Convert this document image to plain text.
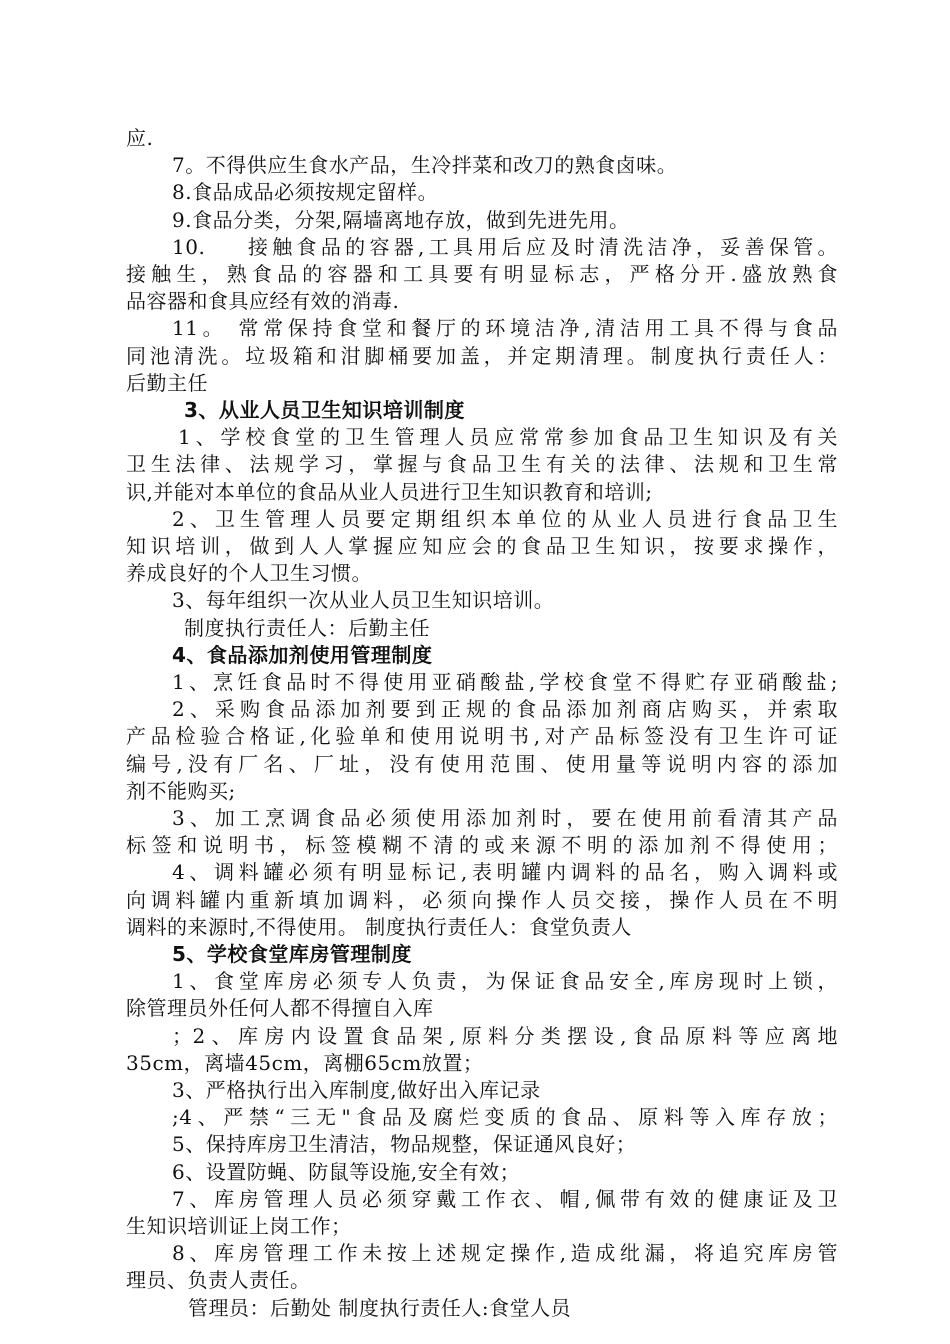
应.
7。不得供应生食水产品，生冷拌菜和改刀的熟食卤味。
8.食品成品必须按规定留样。
9.食品分类，分架,隔墙离地存放，做到先进先用。
10.    接触食品的容器,工具用后应及时清洗洁净，妥善保管。
接触生，熟食品的容器和工具要有明显标志，严格分开.盛放熟食
品容器和食具应经有效的消毒.
11。 常常保持食堂和餐厅的环境洁净,清洁用工具不得与食品
同池清洗。垃圾箱和泔脚桶要加盖，并定期清理。制度执行责任人：
后勤主任
3、从业人员卫生知识培训制度
1、学校食堂的卫生管理人员应常常参加食品卫生知识及有关
卫生法律、法规学习，掌握与食品卫生有关的法律、法规和卫生常
识,并能对本单位的食品从业人员进行卫生知识教育和培训;
2、卫生管理人员要定期组织本单位的从业人员进行食品卫生
知识培训，做到人人掌握应知应会的食品卫生知识，按要求操作，
养成良好的个人卫生习惯。
3、每年组织一次从业人员卫生知识培训。
制度执行责任人：后勤主任
4、食品添加剂使用管理制度
1、烹饪食品时不得使用亚硝酸盐,学校食堂不得贮存亚硝酸盐;
2、采购食品添加剂要到正规的食品添加剂商店购买，并索取
产品检验合格证,化验单和使用说明书,对产品标签没有卫生许可证
编号,没有厂名、厂址，没有使用范围、使用量等说明内容的添加
剂不能购买;
3、加工烹调食品必须使用添加剂时，要在使用前看清其产品
标签和说明书，标签模糊不清的或来源不明的添加剂不得使用；
4、调料罐必须有明显标记,表明罐内调料的品名，购入调料或
向调料罐内重新填加调料，必须向操作人员交接，操作人员在不明
调料的来源时,不得使用。 制度执行责任人：食堂负责人
5、学校食堂库房管理制度
1、食堂库房必须专人负责，为保证食品安全,库房现时上锁，
除管理员外任何人都不得擅自入库
；2、库房内设置食品架,原料分类摆设,食品原料等应离地
35cm，离墙45cm，离棚65cm放置；
3、严格执行出入库制度,做好出入库记录
;4、严禁“三无"食品及腐烂变质的食品、原料等入库存放；
5、保持库房卫生清洁，物品规整，保证通风良好；
6、设置防蝇、防鼠等设施,安全有效；
7、库房管理人员必须穿戴工作衣、帽,佩带有效的健康证及卫
生知识培训证上岗工作；
8、库房管理工作未按上述规定操作,造成纰漏，将追究库房管
理员、负责人责任。
管理员：后勤处 制度执行责任人:食堂人员
